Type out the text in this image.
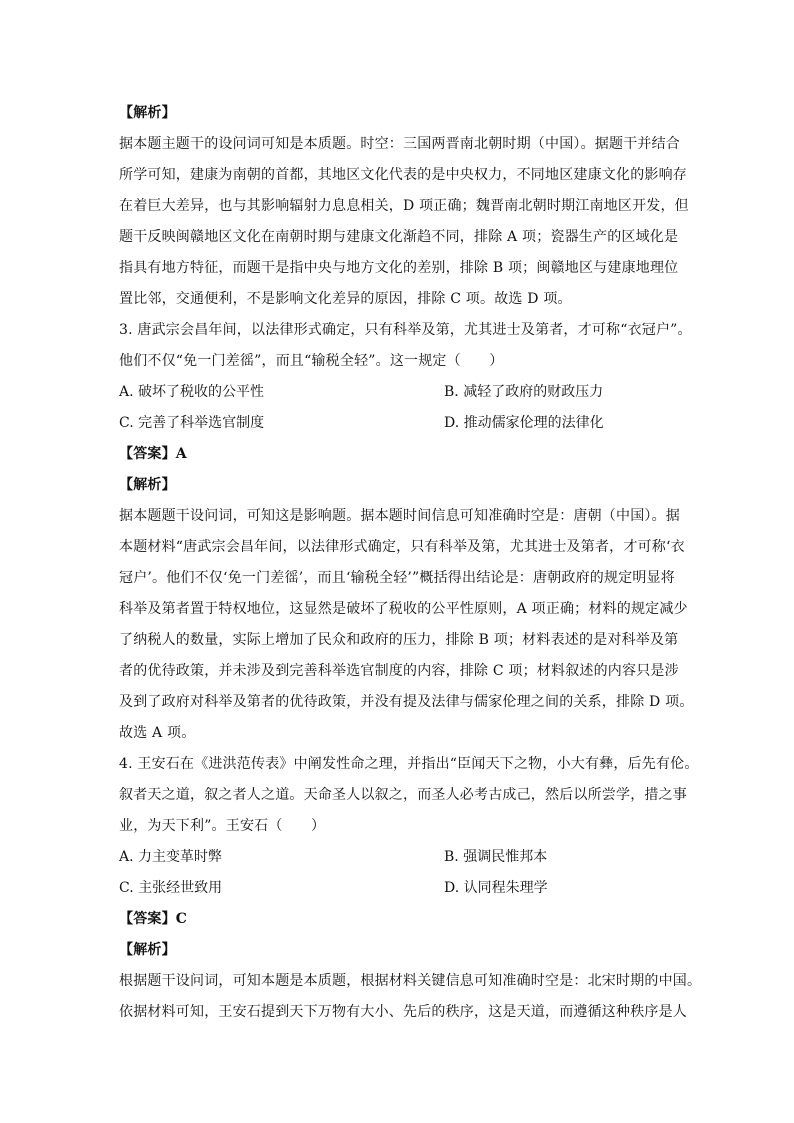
【解析】
据本题主题干的设问词可知是本质题。时空：三国两晋南北朝时期（中国）。据题干并结合
所学可知，建康为南朝的首都，其地区文化代表的是中央权力，不同地区建康文化的影响存
在着巨大差异，也与其影响辐射力息息相关，D 项正确；魏晋南北朝时期江南地区开发，但
题干反映闽赣地区文化在南朝时期与建康文化渐趋不同，排除 A 项；瓷器生产的区域化是
指具有地方特征，而题干是指中央与地方文化的差别，排除 B 项；闽赣地区与建康地理位
置比邻，交通便利，不是影响文化差异的原因，排除 C 项。故选 D 项。
3. 唐武宗会昌年间，以法律形式确定，只有科举及第，尤其进士及第者，才可称“衣冠户”。
他们不仅“免一门差徭”，而且“输税全轻”。这一规定（　　）
A. 破坏了税收的公平性	B. 减轻了政府的财政压力
C. 完善了科举选官制度	D. 推动儒家伦理的法律化
【答案】A
【解析】
据本题题干设问词，可知这是影响题。据本题时间信息可知准确时空是：唐朝（中国）。据
本题材料“唐武宗会昌年间，以法律形式确定，只有科举及第，尤其进士及第者，才可称‘衣
冠户’。他们不仅‘免一门差徭’，而且‘输税全轻’”概括得出结论是：唐朝政府的规定明显将
科举及第者置于特权地位，这显然是破坏了税收的公平性原则，A 项正确；材料的规定减少
了纳税人的数量，实际上增加了民众和政府的压力，排除 B 项；材料表述的是对科举及第
者的优待政策，并未涉及到完善科举选官制度的内容，排除 C 项；材料叙述的内容只是涉
及到了政府对科举及第者的优待政策，并没有提及法律与儒家伦理之间的关系，排除 D 项。
故选 A 项。
4. 王安石在《进洪范传表》中阐发性命之理，并指出“臣闻天下之物，小大有彝，后先有伦。
叙者天之道，叙之者人之道。天命圣人以叙之，而圣人必考古成己，然后以所尝学，措之事
业，为天下利”。王安石（　　）
A. 力主变革时弊	B. 强调民惟邦本
C. 主张经世致用	D. 认同程朱理学
【答案】C
【解析】
根据题干设问词，可知本题是本质题，根据材料关键信息可知准确时空是：北宋时期的中国。
依据材料可知，王安石提到天下万物有大小、先后的秩序，这是天道，而遵循这种秩序是人
